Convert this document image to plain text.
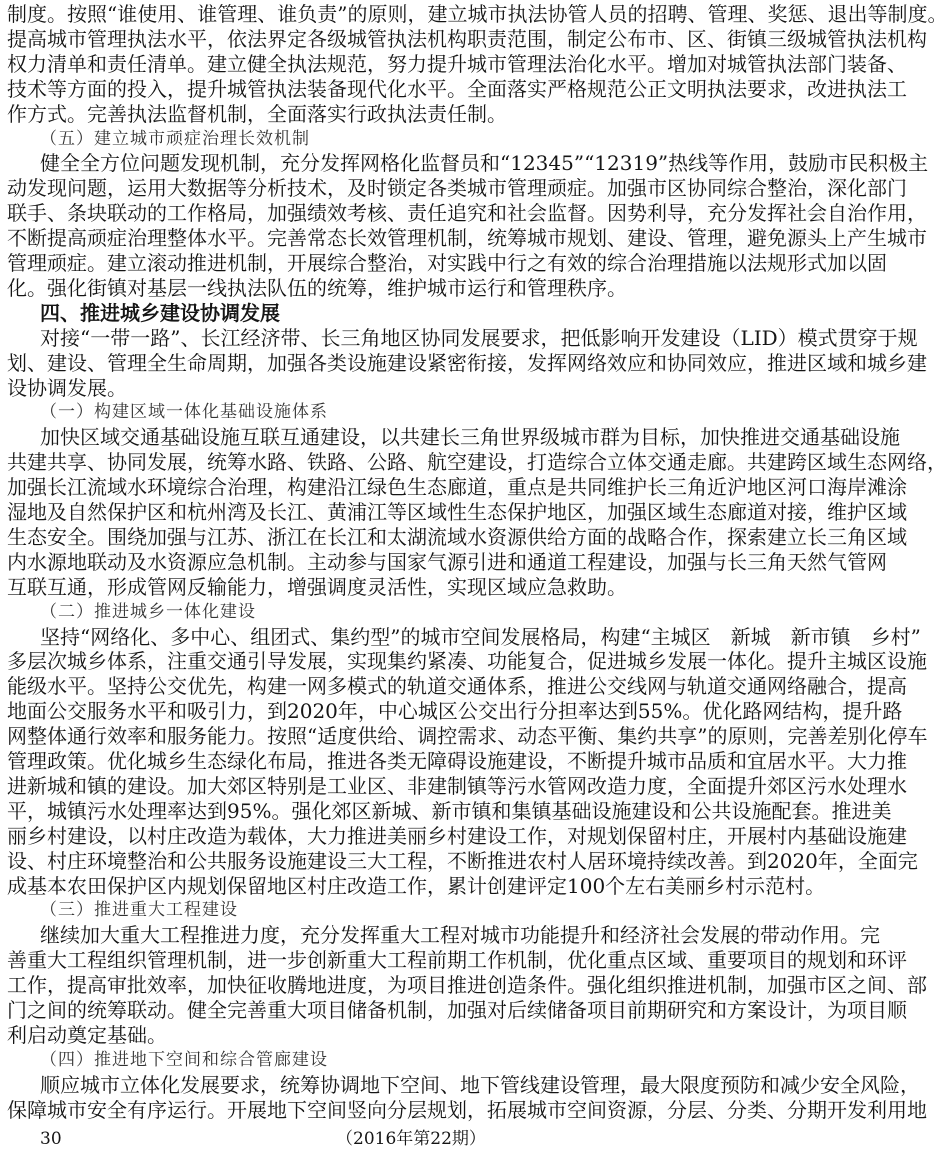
30	（2016年第22期）
制度。按照“谁使用、谁管理、谁负责”的原则，建立城市执法协管人员的招聘、管理、奖惩、退出等制度。
提高城市管理执法水平，依法界定各级城管执法机构职责范围，制定公布市、区、街镇三级城管执法机构
权力清单和责任清单。建立健全执法规范，努力提升城市管理法治化水平。增加对城管执法部门装备、
技术等方面的投入，提升城管执法装备现代化水平。全面落实严格规范公正文明执法要求，改进执法工
作方式。完善执法监督机制，全面落实行政执法责任制。
（五）建立城市顽症治理长效机制
健全全方位问题发现机制，充分发挥网格化监督员和“12345”“12319”热线等作用，鼓励市民积极主
动发现问题，运用大数据等分析技术，及时锁定各类城市管理顽症。加强市区协同综合整治，深化部门
联手、条块联动的工作格局，加强绩效考核、责任追究和社会监督。因势利导，充分发挥社会自治作用，
不断提高顽症治理整体水平。完善常态长效管理机制，统筹城市规划、建设、管理，避免源头上产生城市
管理顽症。建立滚动推进机制，开展综合整治，对实践中行之有效的综合治理措施以法规形式加以固
化。强化街镇对基层一线执法队伍的统筹，维护城市运行和管理秩序。
四、推进城乡建设协调发展
对接“一带一路”、长江经济带、长三角地区协同发展要求，把低影响开发建设（LID）模式贯穿于规
划、建设、管理全生命周期，加强各类设施建设紧密衔接，发挥网络效应和协同效应，推进区域和城乡建
设协调发展。
（一）构建区域一体化基础设施体系
加快区域交通基础设施互联互通建设，以共建长三角世界级城市群为目标，加快推进交通基础设施
共建共享、协同发展，统筹水路、铁路、公路、航空建设，打造综合立体交通走廊。共建跨区域生态网络，
加强长江流域水环境综合治理，构建沿江绿色生态廊道，重点是共同维护长三角近沪地区河口海岸滩涂
湿地及自然保护区和杭州湾及长江、黄浦江等区域性生态保护地区，加强区域生态廊道对接，维护区域
生态安全。围绕加强与江苏、浙江在长江和太湖流域水资源供给方面的战略合作，探索建立长三角区域
内水源地联动及水资源应急机制。主动参与国家气源引进和通道工程建设，加强与长三角天然气管网
互联互通，形成管网反输能力，增强调度灵活性，实现区域应急救助。
（二）推进城乡一体化建设
坚持“网络化、多中心、组团式、集约型”的城市空间发展格局，构建“主城区　新城　新市镇　乡村”
多层次城乡体系，注重交通引导发展，实现集约紧凑、功能复合，促进城乡发展一体化。提升主城区设施
能级水平。坚持公交优先，构建一网多模式的轨道交通体系，推进公交线网与轨道交通网络融合，提高
地面公交服务水平和吸引力，到2020年，中心城区公交出行分担率达到55%。优化路网结构，提升路
网整体通行效率和服务能力。按照“适度供给、调控需求、动态平衡、集约共享”的原则，完善差别化停车
管理政策。优化城乡生态绿化布局，推进各类无障碍设施建设，不断提升城市品质和宜居水平。大力推
进新城和镇的建设。加大郊区特别是工业区、非建制镇等污水管网改造力度，全面提升郊区污水处理水
平，城镇污水处理率达到95%。强化郊区新城、新市镇和集镇基础设施建设和公共设施配套。推进美
丽乡村建设，以村庄改造为载体，大力推进美丽乡村建设工作，对规划保留村庄，开展村内基础设施建
设、村庄环境整治和公共服务设施建设三大工程，不断推进农村人居环境持续改善。到2020年，全面完
成基本农田保护区内规划保留地区村庄改造工作，累计创建评定100个左右美丽乡村示范村。
（三）推进重大工程建设
继续加大重大工程推进力度，充分发挥重大工程对城市功能提升和经济社会发展的带动作用。完
善重大工程组织管理机制，进一步创新重大工程前期工作机制，优化重点区域、重要项目的规划和环评
工作，提高审批效率，加快征收腾地进度，为项目推进创造条件。强化组织推进机制，加强市区之间、部
门之间的统筹联动。健全完善重大项目储备机制，加强对后续储备项目前期研究和方案设计，为项目顺
利启动奠定基础。
（四）推进地下空间和综合管廊建设
顺应城市立体化发展要求，统筹协调地下空间、地下管线建设管理，最大限度预防和减少安全风险，
保障城市安全有序运行。开展地下空间竖向分层规划，拓展城市空间资源，分层、分类、分期开发利用地
